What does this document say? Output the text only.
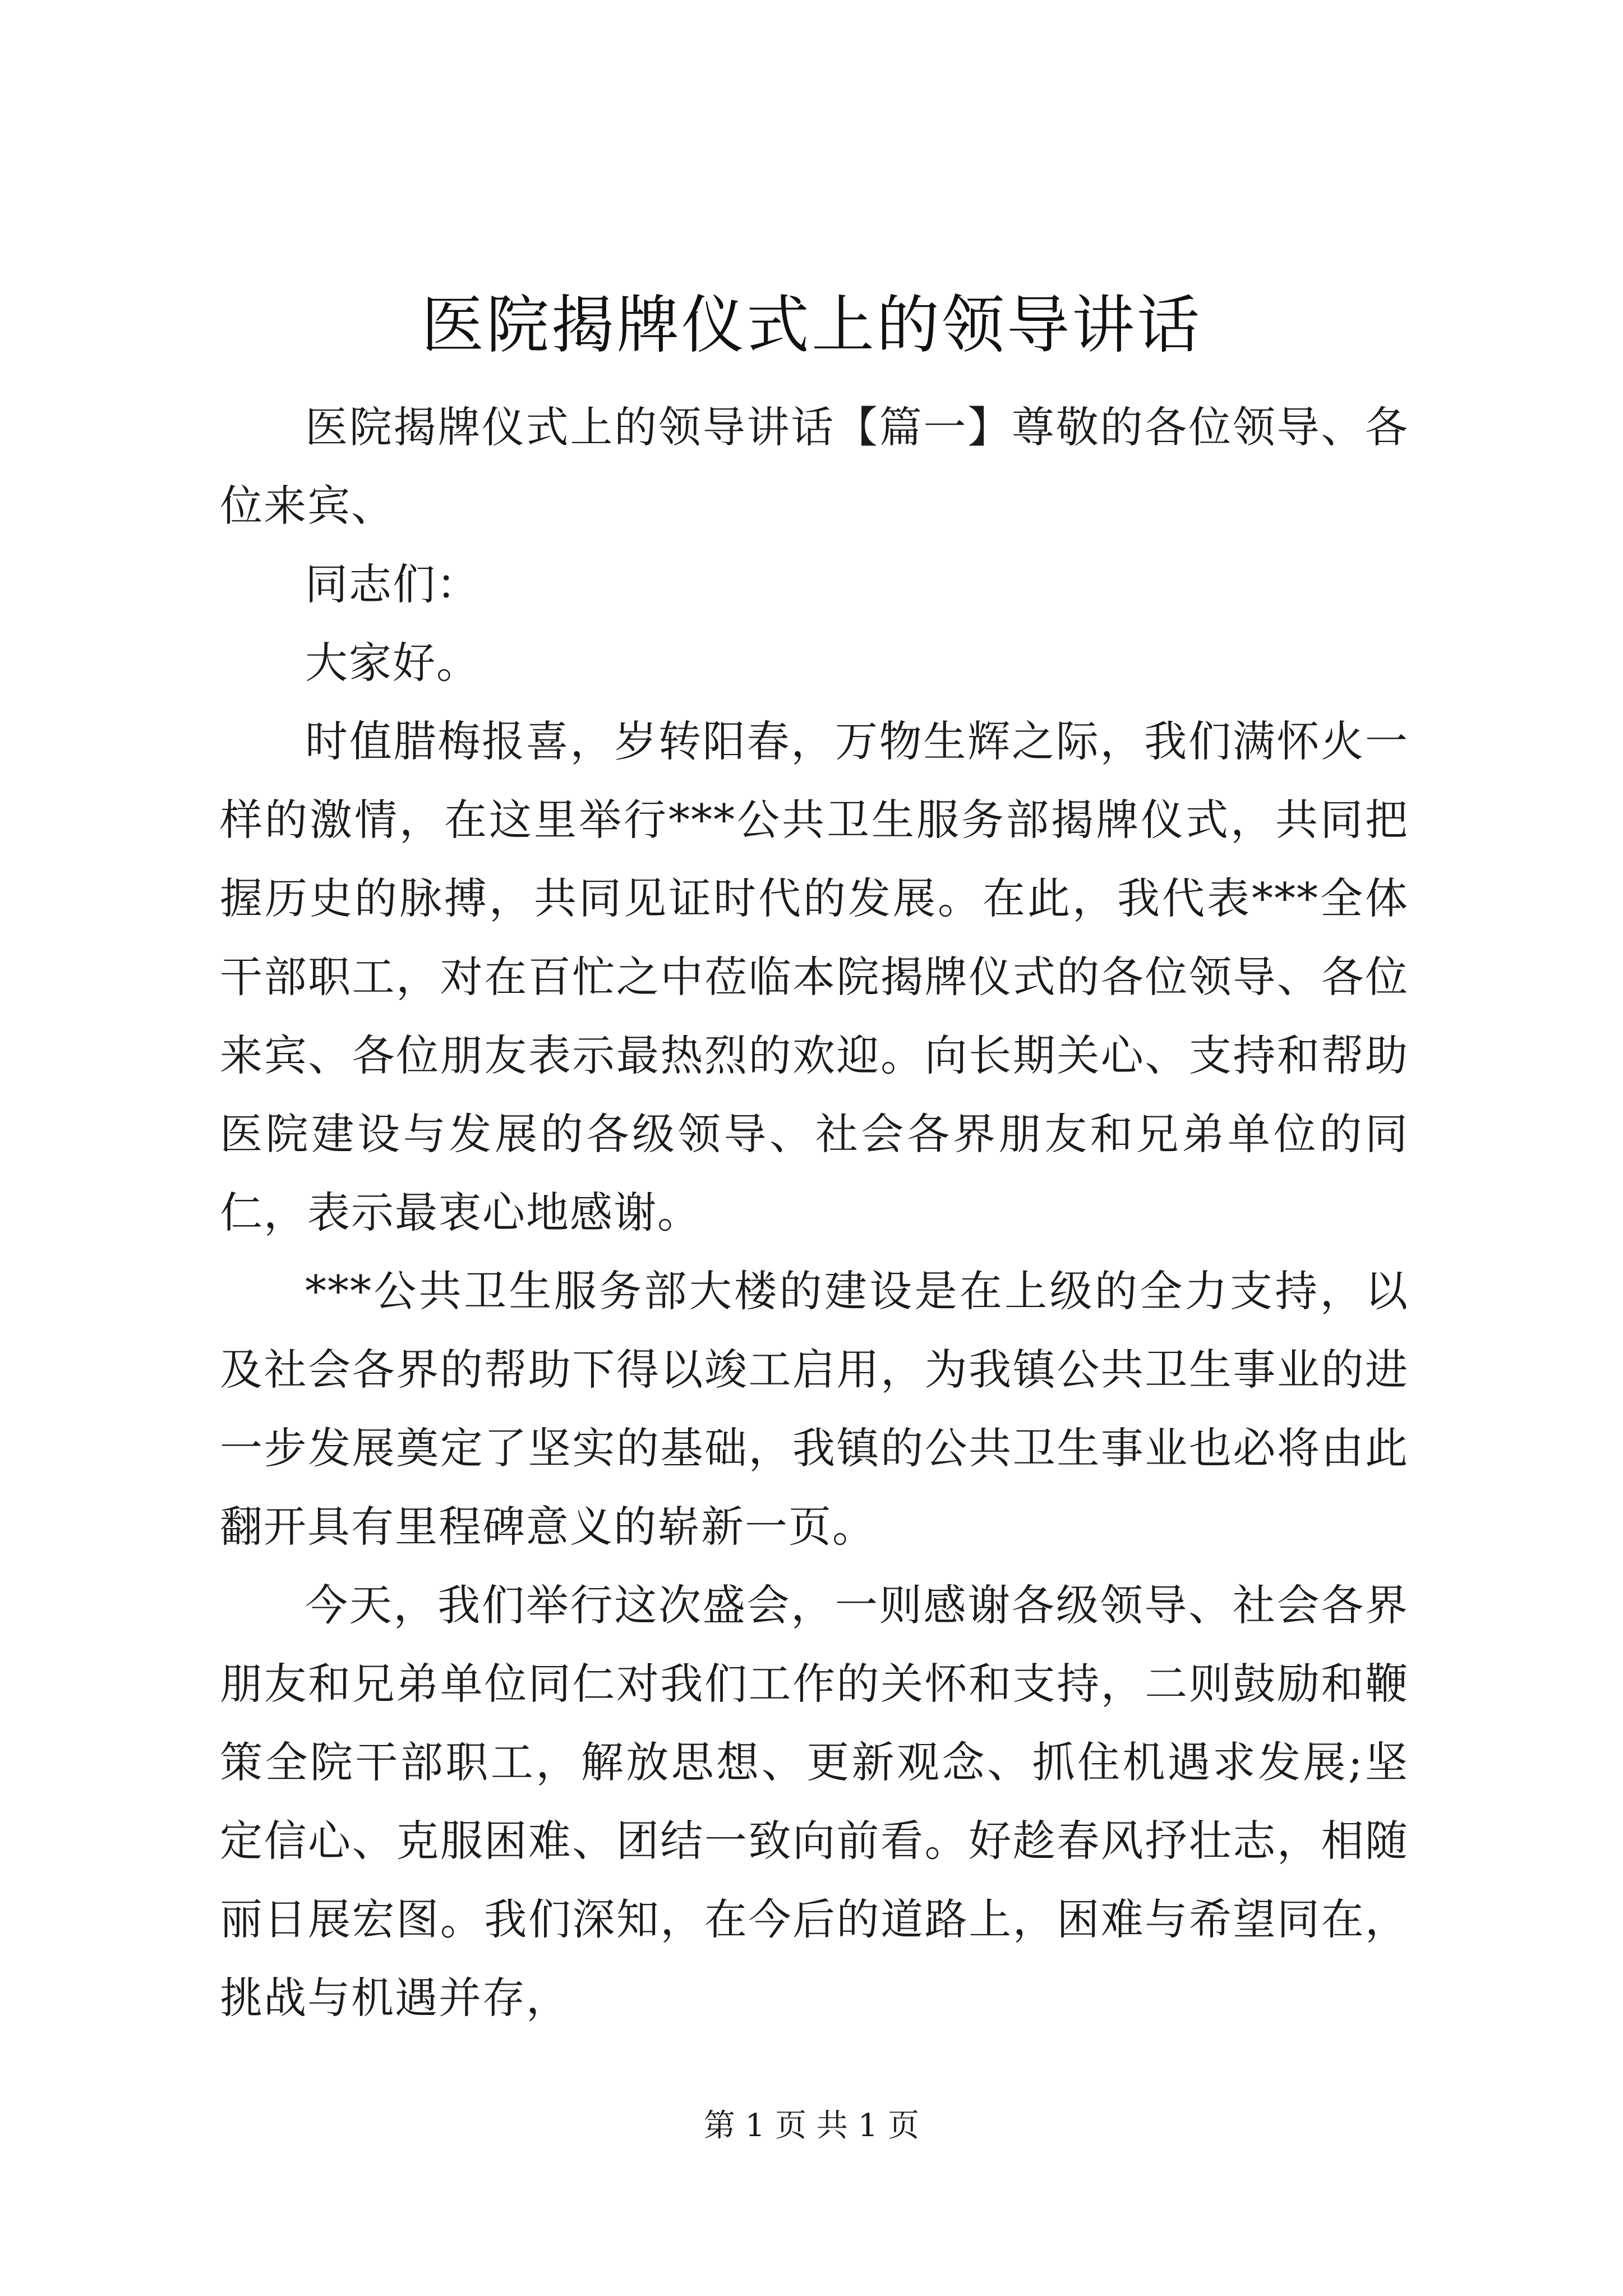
医院揭牌仪式上的领导讲话

医院揭牌仪式上的领导讲话【篇一】尊敬的各位领导、各位来宾、

同志们：

大家好。

时值腊梅报喜，岁转阳春，万物生辉之际，我们满怀火一样的激情，在这里举行***公共卫生服务部揭牌仪式，共同把握历史的脉搏，共同见证时代的发展。在此，我代表***全体干部职工，对在百忙之中莅临本院揭牌仪式的各位领导、各位来宾、各位朋友表示最热烈的欢迎。向长期关心、支持和帮助医院建设与发展的各级领导、社会各界朋友和兄弟单位的同仁，表示最衷心地感谢。

***公共卫生服务部大楼的建设是在上级的全力支持，以及社会各界的帮助下得以竣工启用，为我镇公共卫生事业的进一步发展奠定了坚实的基础，我镇的公共卫生事业也必将由此翻开具有里程碑意义的崭新一页。

今天，我们举行这次盛会，一则感谢各级领导、社会各界朋友和兄弟单位同仁对我们工作的关怀和支持，二则鼓励和鞭策全院干部职工，解放思想、更新观念、抓住机遇求发展;坚定信心、克服困难、团结一致向前看。好趁春风抒壮志，相随丽日展宏图。我们深知，在今后的道路上，困难与希望同在，挑战与机遇并存，

第 1 页 共 1 页
